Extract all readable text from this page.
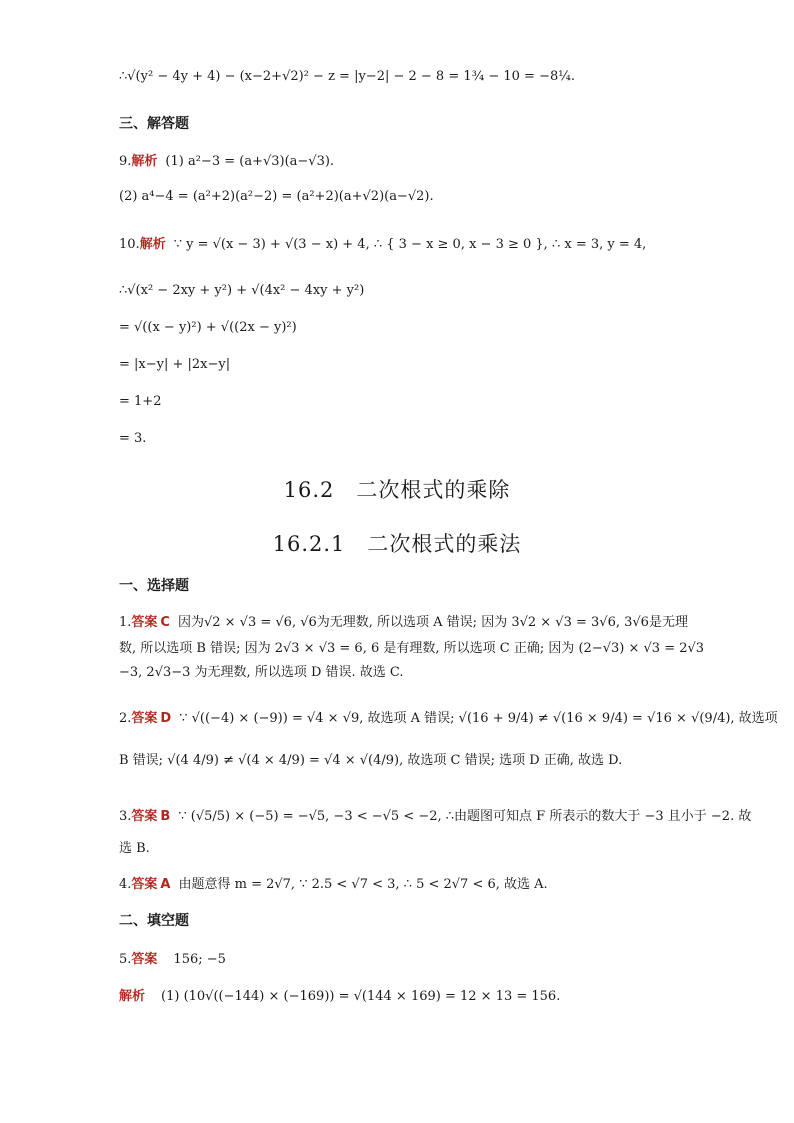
∴√(y² − 4y + 4) − (x−2+√2)² − z = |y−2| − 2 − 8 = 1¾ − 10 = −8¼.
三、解答题
9.解析 (1) a²−3 = (a+√3)(a−√3).
(2) a⁴−4 = (a²+2)(a²−2) = (a²+2)(a+√2)(a−√2).
10.解析 ∵ y = √(x − 3) + √(3 − x) + 4, ∴ { 3 − x ≥ 0, x − 3 ≥ 0 }, ∴ x = 3, y = 4,
∴√(x² − 2xy + y²) + √(4x² − 4xy + y²)
= √((x − y)²) + √((2x − y)²)
= |x−y| + |2x−y|
= 1+2
= 3.
16.2　二次根式的乘除
16.2.1　二次根式的乘法
一、选择题
1.答案 C 因为√2 × √3 = √6, √6为无理数, 所以选项 A 错误; 因为 3√2 × √3 = 3√6, 3√6是无理
数, 所以选项 B 错误; 因为 2√3 × √3 = 6, 6 是有理数, 所以选项 C 正确; 因为 (2−√3) × √3 = 2√3
−3, 2√3−3 为无理数, 所以选项 D 错误. 故选 C.
2.答案 D ∵ √((−4) × (−9)) = √4 × √9, 故选项 A 错误; √(16 + 9/4) ≠ √(16 × 9/4) = √16 × √(9/4), 故选项
B 错误; √(4 4/9) ≠ √(4 × 4/9) = √4 × √(4/9), 故选项 C 错误; 选项 D 正确, 故选 D.
3.答案 B ∵ (√5/5) × (−5) = −√5, −3 < −√5 < −2, ∴由题图可知点 F 所表示的数大于 −3 且小于 −2. 故
选 B.
4.答案 A 由题意得 m = 2√7, ∵ 2.5 < √7 < 3, ∴ 5 < 2√7 < 6, 故选 A.
二、填空题
5.答案 156; −5
解析 (1) (10√((−144) × (−169)) = √(144 × 169) = 12 × 13 = 156.
